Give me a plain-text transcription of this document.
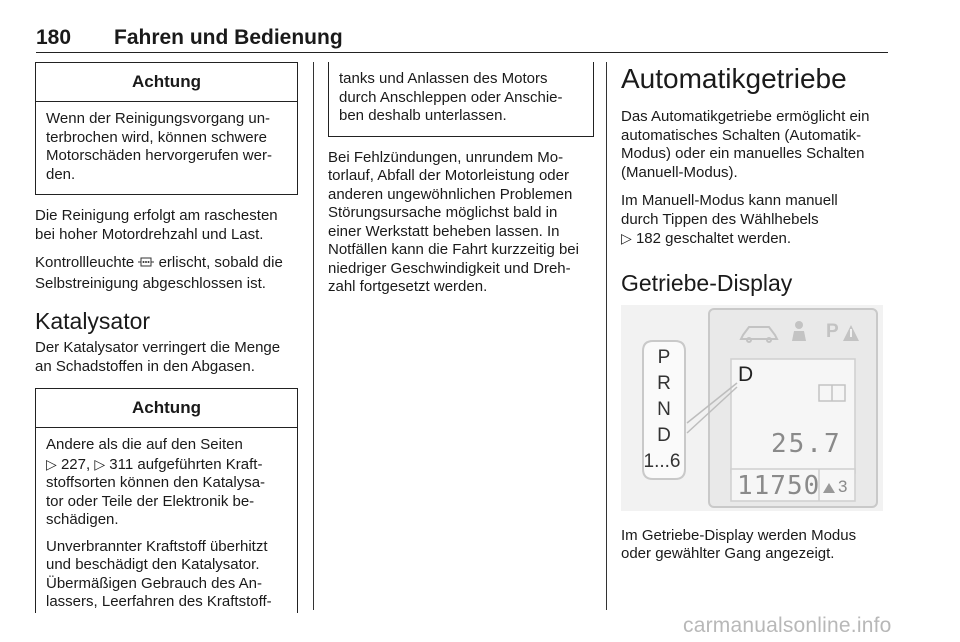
180 Fahren und Bedienung
Achtung

Wenn der Reinigungsvorgang un-

terbrochen wird, können schwere

Motorschäden hervorgerufen wer-

den.

Die Reinigung erfolgt am raschesten

bei hoher Motordrehzahl und Last.

Kontrollleuchte erlischt, sobald die

Selbstreinigung abgeschlossen ist.

Katalysator

Der Katalysator verringert die Menge

an Schadstoffen in den Abgasen.

Achtung

Andere als die auf den Seiten

▷ 227, ▷ 311 aufgeführten Kraft-

stoffsorten können den Katalysa-

tor oder Teile der Elektronik be-

schädigen.

Unverbrannter Kraftstoff überhitzt

und beschädigt den Katalysator.

Übermäßigen Gebrauch des An-

lassers, Leerfahren des Kraftstoff-

tanks und Anlassen des Motors

durch Anschleppen oder Anschie-

ben deshalb unterlassen.

Bei Fehlzündungen, unrundem Mo-

torlauf, Abfall der Motorleistung oder

anderen ungewöhnlichen Problemen

Störungsursache möglichst bald in

einer Werkstatt beheben lassen. In

Notfällen kann die Fahrt kurzzeitig bei

niedriger Geschwindigkeit und Dreh-

zahl fortgesetzt werden.

Automatikgetriebe

Das Automatikgetriebe ermöglicht ein

automatisches Schalten (Automatik-

Modus) oder ein manuelles Schalten

(Manuell-Modus).

Im Manuell-Modus kann manuell

durch Tippen des Wählhebels

▷ 182 geschaltet werden.

Getriebe-Display
P
R
N
D
1...6
D
P
25.7
11750 3

Im Getriebe-Display werden Modus

oder gewählter Gang angezeigt.

carmanualsonline.info
